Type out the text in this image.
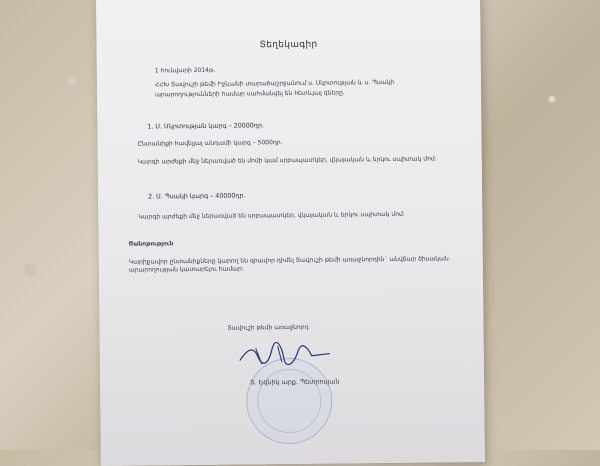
Տեղեկագիր
1 հունվարի 2014թ.
ՀՀԽ Տավուշի թեմի Իջևանի տարածաշրջանում ս. Սկրտության և ս. Պսակի
արարողությունների համար սահմանվել են հետևյալ գները.
1. Ս. Մկրտության կարգ – 20000դր.
Ընտանիքի հավելյալ անդամի կարգ – 5000դր.
Կարգի արժեքի մեջ ներառված են մոմի կամ սրբապատկեր, վկայական և երկու սպիտակ մոմ:
2. Ս. Պսակի կարգ – 40000դր.
Կարգի արժեքի մեջ ներառված են սրբապատկեր, վկայական և երկու սպիտակ մոմ:
Ծանոթություն
Կարիքավոր ընտանիքները կարող են գրավոր դիմել Տավուշի թեմի առաջնորդին` անվճար ծիսական արարողության կատարելու համար:
Տավուշի թեմի առաջնորդ
Տ. Եզնիկ արք. Պետրոսյան
